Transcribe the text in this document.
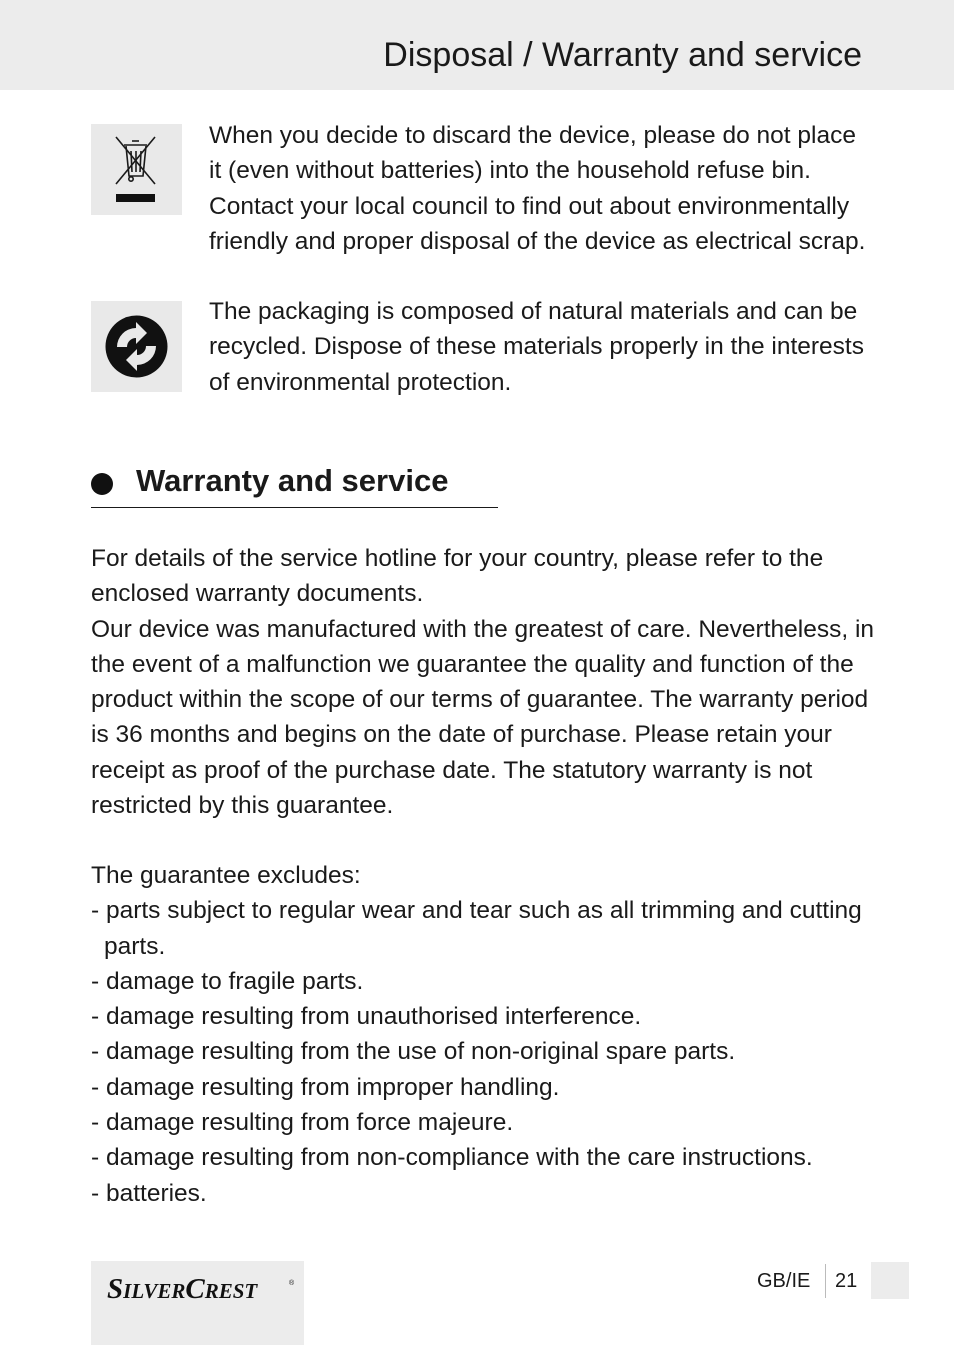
Disposal / Warranty and service

When you decide to discard the device, please do not place it (even without batteries) into the household refuse bin. Contact your local council to find out about environmentally friendly and proper disposal of the device as electrical scrap.

The packaging is composed of natural materials and can be recycled. Dispose of these materials properly in the interests of environmental protection.

Warranty and service

For details of the service hotline for your country, please refer to the enclosed warranty documents.

Our device was manufactured with the greatest of care. Nevertheless, in the event of a malfunction we guarantee the quality and function of the product within the scope of our terms of guarantee. The warranty period is 36 months and begins on the date of purchase. Please retain your receipt as proof of the purchase date. The statutory warranty is not restricted by this guarantee.

The guarantee excludes:

- parts subject to regular wear and tear such as all trimming and cutting parts.
- damage to fragile parts.
- damage resulting from unauthorised interference.
- damage resulting from the use of non-original spare parts.
- damage resulting from improper handling.
- damage resulting from force majeure.
- damage resulting from non-compliance with the care instructions.
- batteries.
SILVERCREST	®	GB/IE 21
